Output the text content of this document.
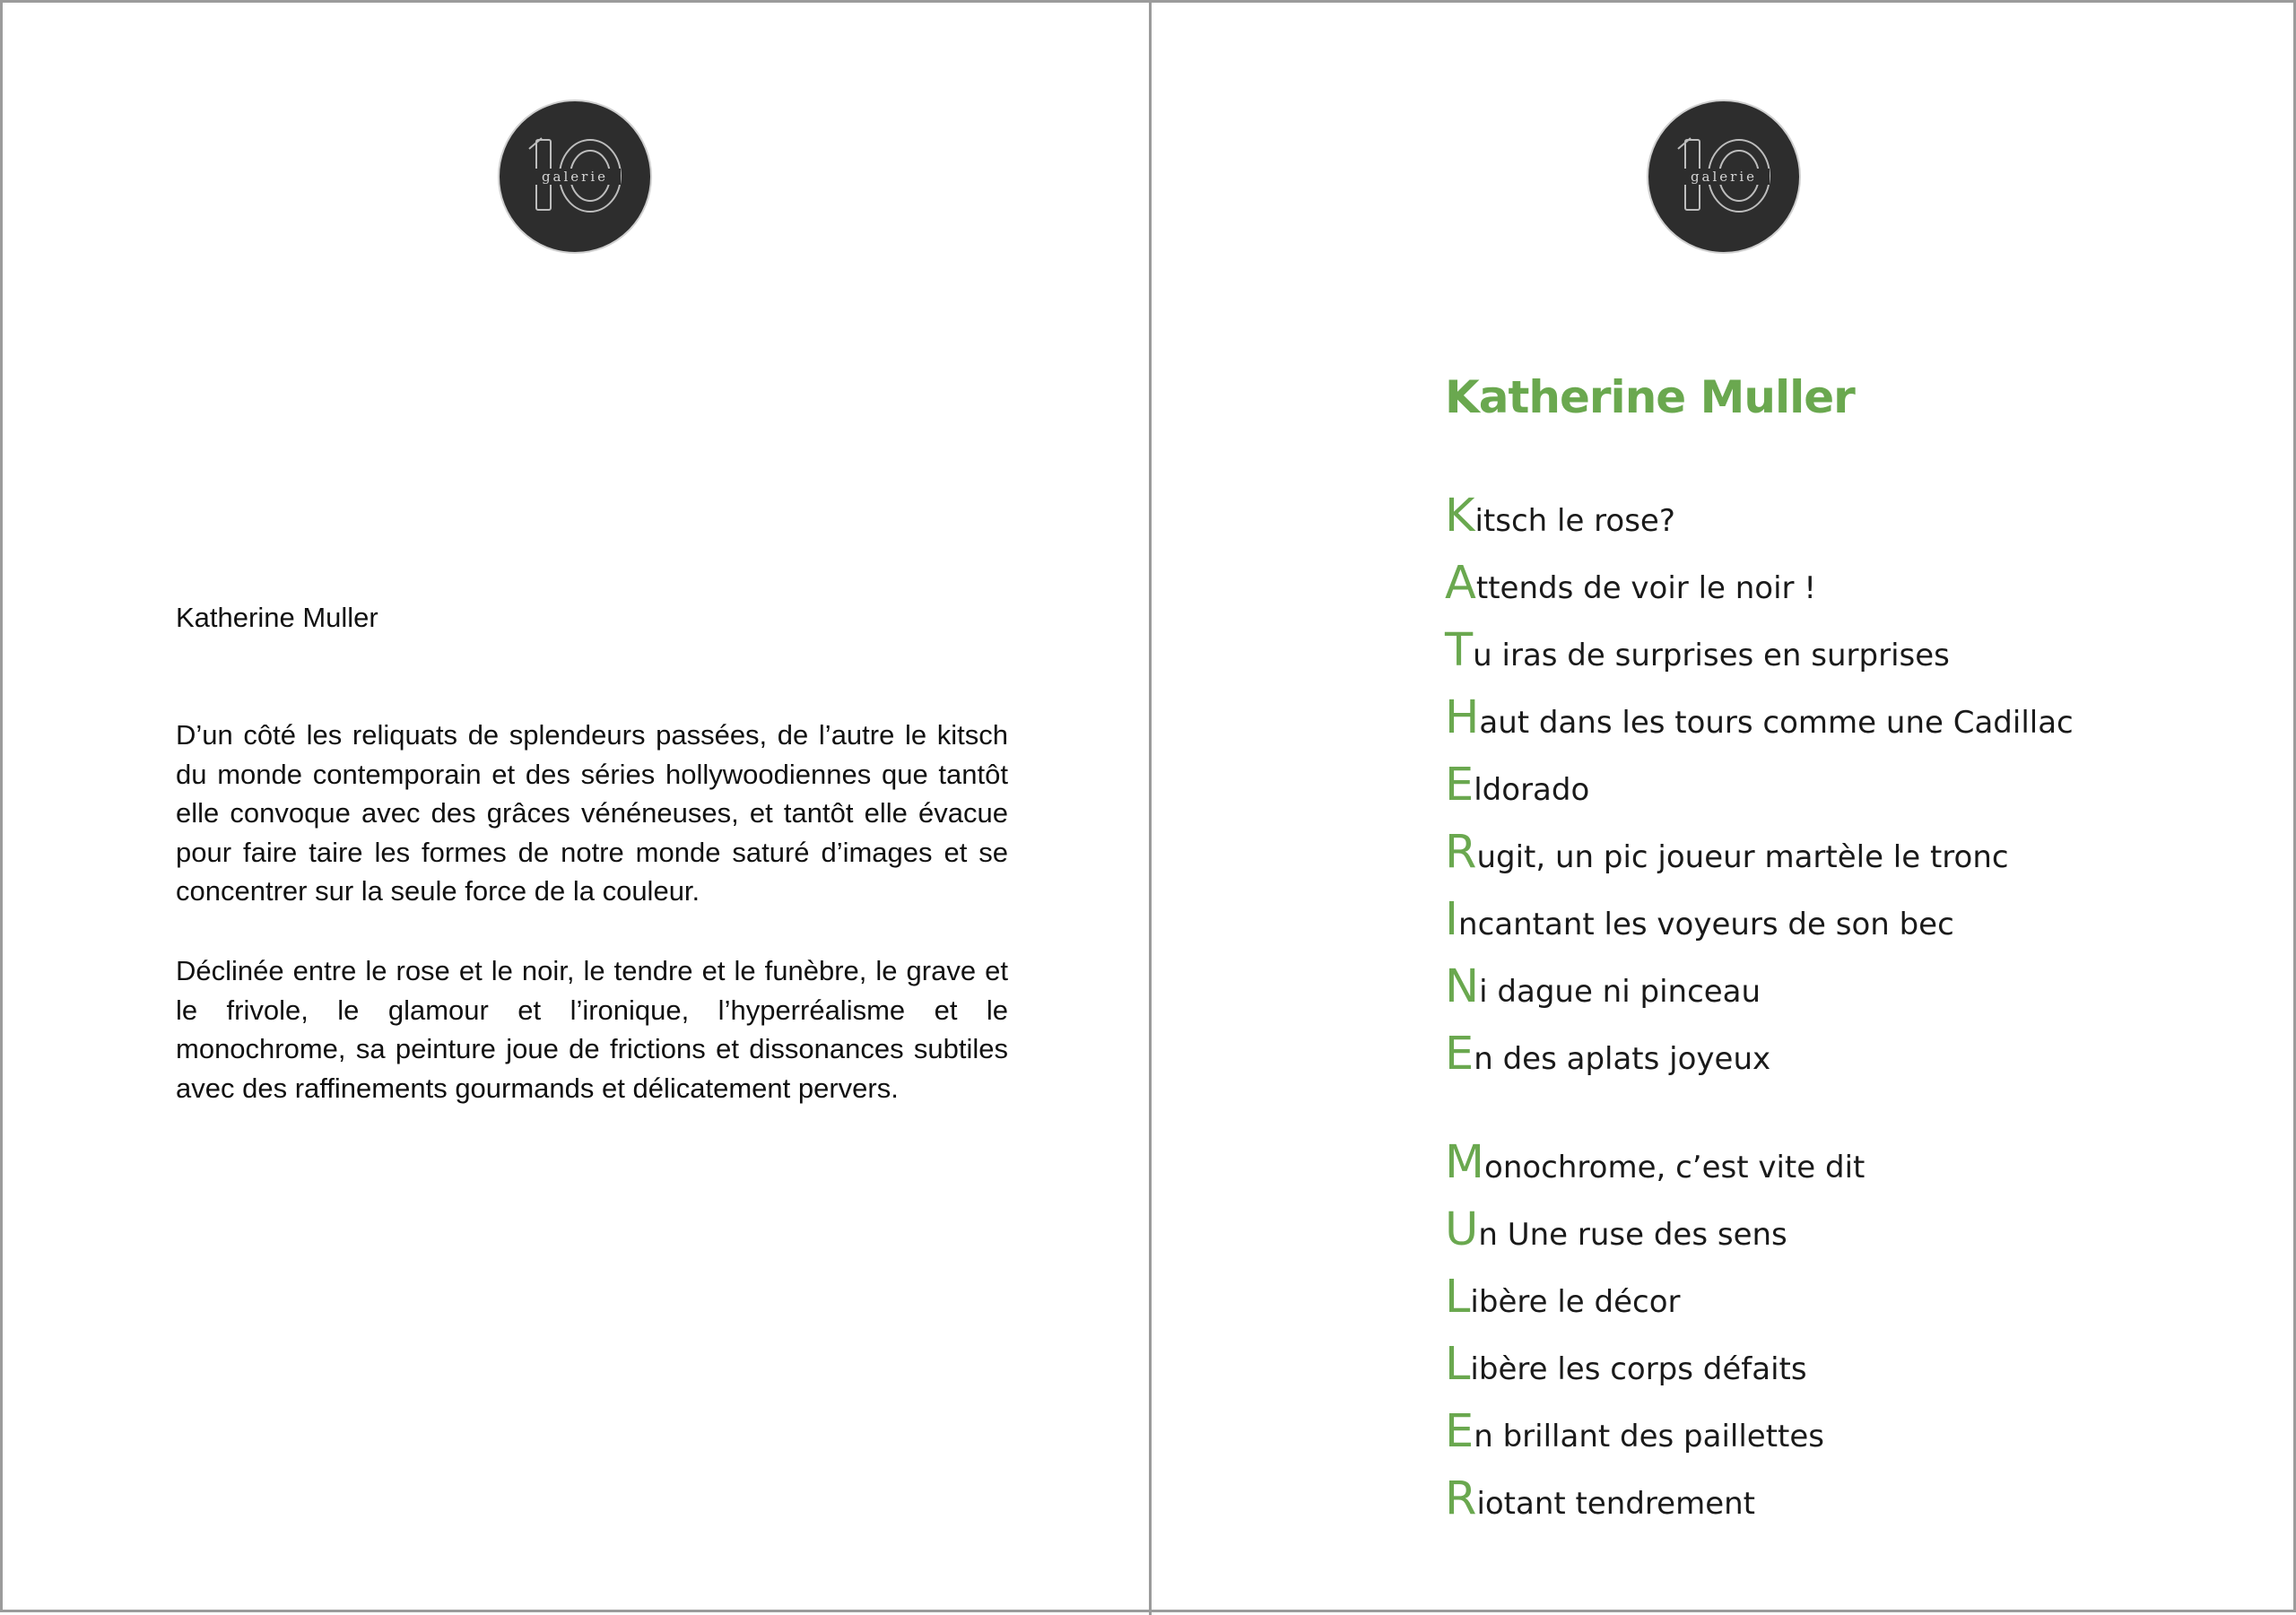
galerie
Katherine Muller

D’un côté les reliquats de splendeurs passées, de l’autre le kitsch du monde contemporain et des séries hollywoodiennes que tantôt elle convoque avec des grâces vénéneuses, et tantôt elle évacue pour faire taire les formes de notre monde saturé d’images et se concentrer sur la seule force de la couleur.

Déclinée entre le rose et le noir, le tendre et le funèbre, le grave et le frivole, le glamour et l’ironique, l’hyperréalisme et le monochrome, sa peinture joue de frictions et dissonances subtiles avec des raffinements gourmands et délicatement pervers.

galerie
Katherine Muller
Kitsch le rose?
Attends de voir le noir !
Tu iras de surprises en surprises
Haut dans les tours comme une Cadillac
Eldorado
Rugit, un pic joueur martèle le tronc
Incantant les voyeurs de son bec
Ni dague ni pinceau
En des aplats joyeux
Monochrome, c’est vite dit
Un Une ruse des sens
Libère le décor
Libère les corps défaits
En brillant des paillettes
Riotant tendrement
